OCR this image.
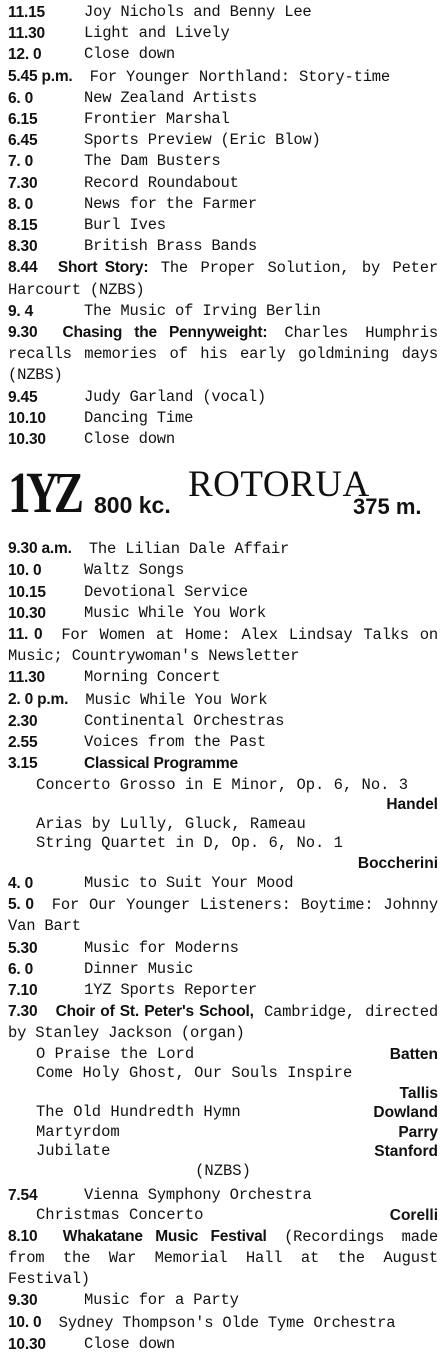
11.15	Joy Nichols and Benny Lee
11.30	Light and Lively
12. 0	Close down
5.45 p.m. For Younger Northland: Story-time
6. 0	New Zealand Artists
6.15	Frontier Marshal
6.45	Sports Preview (Eric Blow)
7. 0	The Dam Busters
7.30	Record Roundabout
8. 0	News for the Farmer
8.15	Burl Ives
8.30	British Brass Bands
8.44 Short Story: The Proper Solution, by Peter Harcourt (NZBS)
9. 4	The Music of Irving Berlin
9.30 Chasing the Pennyweight: Charles Humphris recalls memories of his early goldmining days (NZBS)
9.45	Judy Garland (vocal)
10.10	Dancing Time
10.30	Close down
1YZ 800 kc. ROTORUA
375 m.
9.30 a.m. The Lilian Dale Affair
10. 0	Waltz Songs
10.15	Devotional Service
10.30	Music While You Work
11. 0 For Women at Home: Alex Lindsay Talks on Music; Countrywoman's Newsletter
11.30	Morning Concert
2. 0 p.m. Music While You Work
2.30	Continental Orchestras
2.55	Voices from the Past
3.15	Classical Programme
Concerto Grosso in E Minor, Op. 6, No. 3
Handel
Arias by Lully, Gluck, Rameau
String Quartet in D, Op. 6, No. 1
Boccherini
4. 0	Music to Suit Your Mood
5. 0 For Our Younger Listeners: Boytime: Johnny Van Bart
5.30	Music for Moderns
6. 0	Dinner Music
7.10	1YZ Sports Reporter
7.30 Choir of St. Peter's School, Cambridge, directed by Stanley Jackson (organ)
O Praise the Lord	Batten
Come Holy Ghost, Our Souls Inspire
Tallis
The Old Hundredth Hymn	Dowland
Martyrdom	Parry
Jubilate	Stanford
(NZBS)
7.54	Vienna Symphony Orchestra
Christmas Concerto	Corelli
8.10 Whakatane Music Festival (Recordings made from the War Memorial Hall at the August Festival)
9.30	Music for a Party
10. 0 Sydney Thompson's Olde Tyme Orchestra
10.30	Close down
